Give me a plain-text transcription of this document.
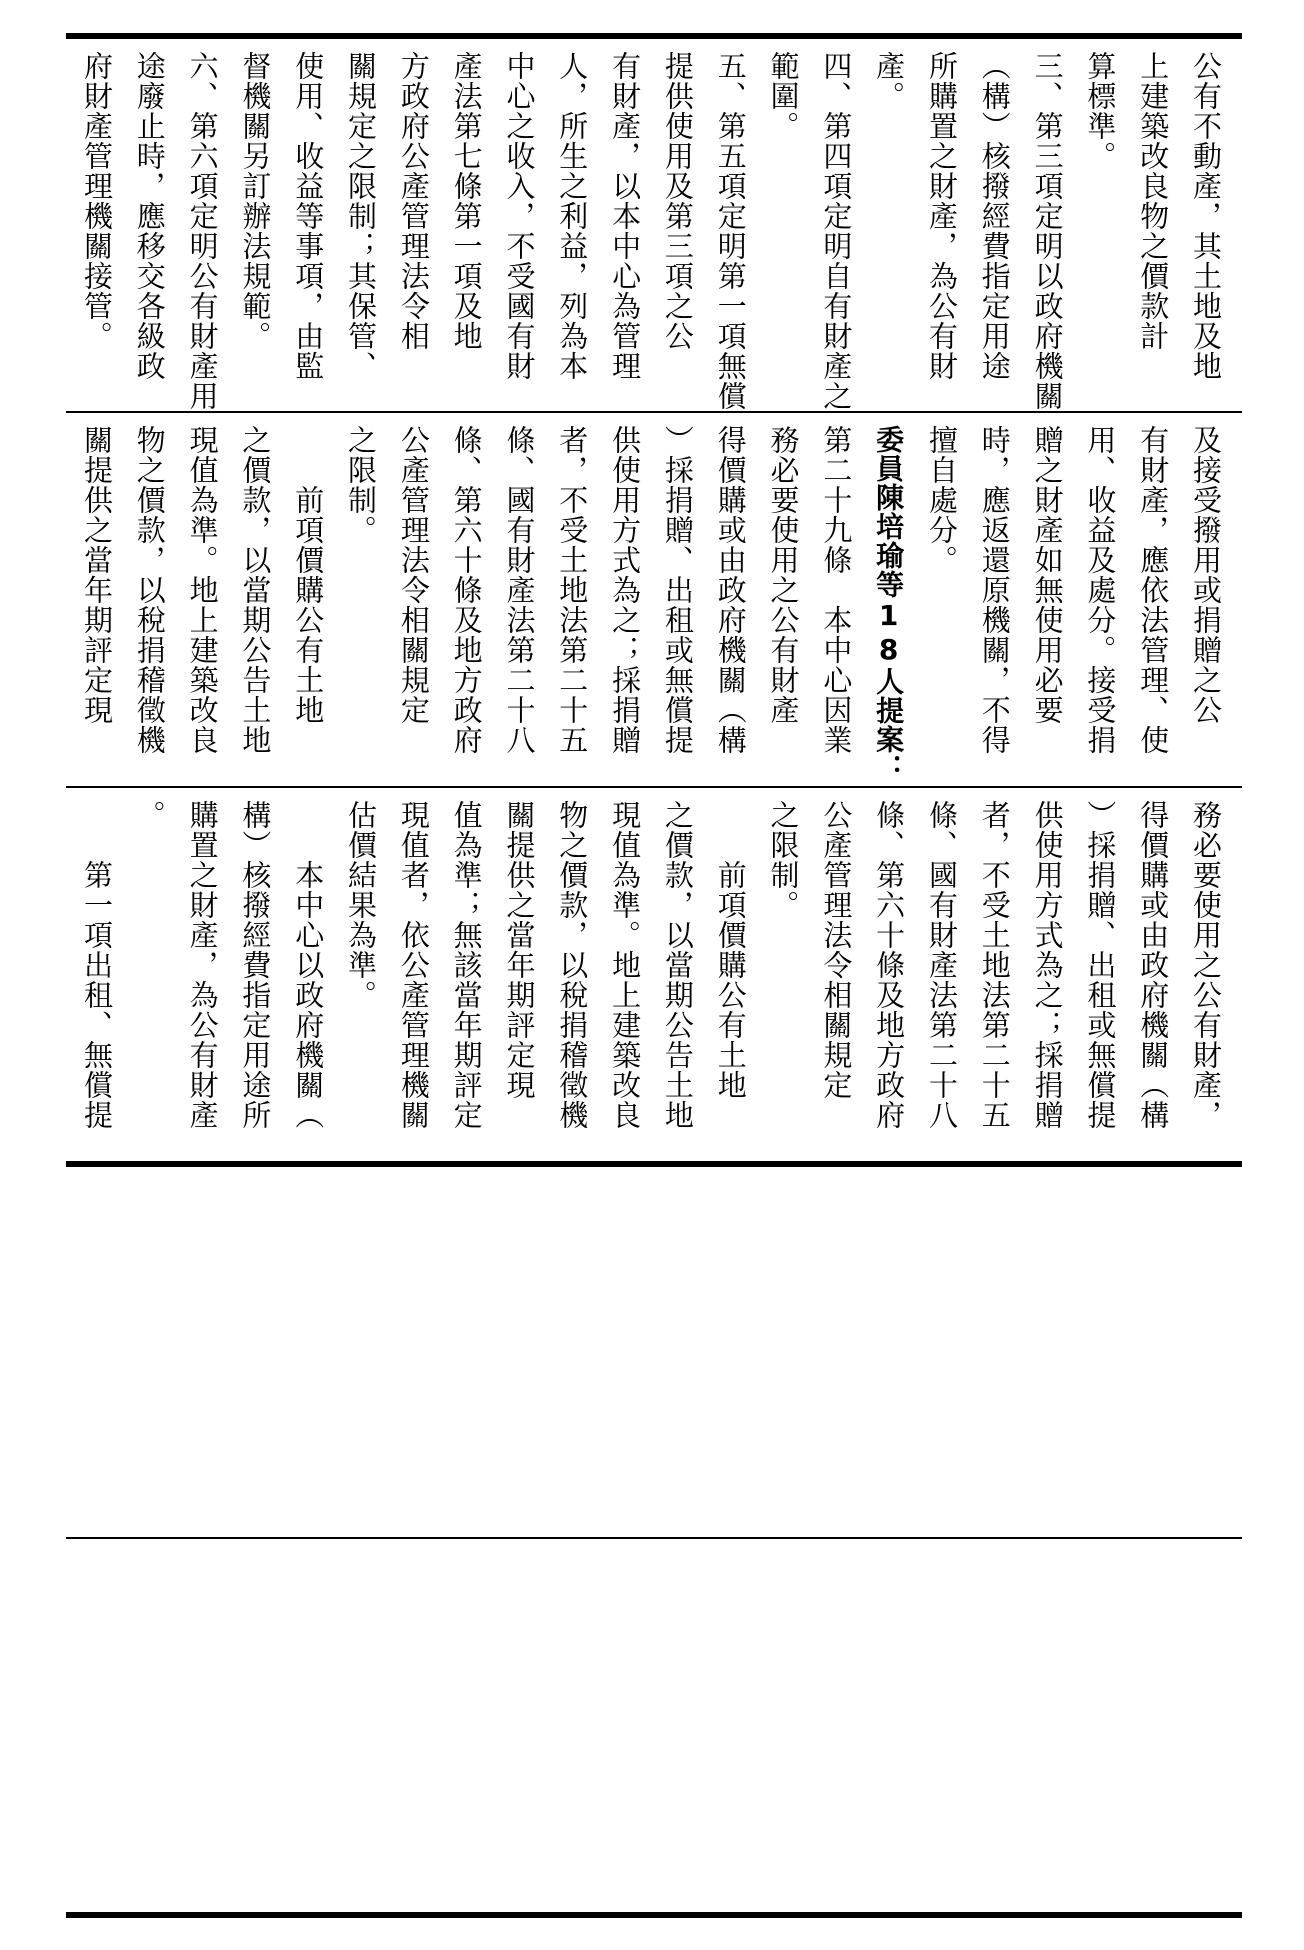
公有不動產，其土地及地
上建築改良物之價款計
算標準。
三、第三項定明以政府機關
（構）核撥經費指定用途
所購置之財產，為公有財
產。
四、第四項定明自有財產之
範圍。
五、第五項定明第一項無償
提供使用及第三項之公
有財產，以本中心為管理
人，所生之利益，列為本
中心之收入，不受國有財
產法第七條第一項及地
方政府公產管理法令相
關規定之限制；其保管、
使用、收益等事項，由監
督機關另訂辦法規範。
六、第六項定明公有財產用
途廢止時，應移交各級政
府財產管理機關接管。
及接受撥用或捐贈之公
有財產，應依法管理、使
用、收益及處分。接受捐
贈之財產如無使用必要
時，應返還原機關，不得
擅自處分。
委員陳培瑜等18人提案：
第二十九條　本中心因業
務必要使用之公有財產
得價購或由政府機關（構
）採捐贈、出租或無償提
供使用方式為之；採捐贈
者，不受土地法第二十五
條、國有財產法第二十八
條、第六十條及地方政府
公產管理法令相關規定
之限制。
　　前項價購公有土地
之價款，以當期公告土地
現值為準。地上建築改良
物之價款，以稅捐稽徵機
關提供之當年期評定現
務必要使用之公有財產，
得價購或由政府機關（構
）採捐贈、出租或無償提
供使用方式為之；採捐贈
者，不受土地法第二十五
條、國有財產法第二十八
條、第六十條及地方政府
公產管理法令相關規定
之限制。
　　前項價購公有土地
之價款，以當期公告土地
現值為準。地上建築改良
物之價款，以稅捐稽徵機
關提供之當年期評定現
值為準；無該當年期評定
現值者，依公產管理機關
估價結果為準。
　　本中心以政府機關（
構）核撥經費指定用途所
購置之財產，為公有財產
。
　　第一項出租、無償提
